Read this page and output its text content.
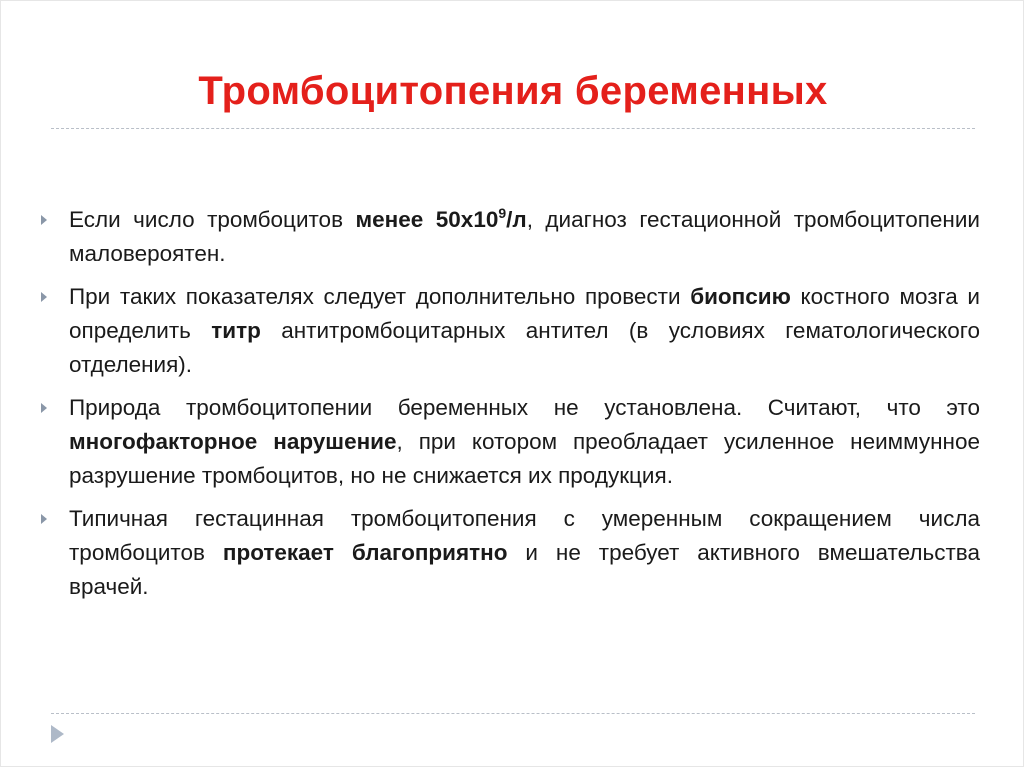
Тромбоцитопения беременных
Если число тромбоцитов менее $50х10^9/л$, диагноз гестационной тромбоцитопении маловероятен.
При таких показателях следует дополнительно провести биопсию костного мозга и определить титр антитромбоцитарных антител (в условиях гематологического отделения).
Природа тромбоцитопении беременных не установлена. Считают, что это многофакторное нарушение, при котором преобладает усиленное неиммунное разрушение тромбоцитов, но не снижается их продукция.
Типичная гестацинная тромбоцитопения с умеренным сокращением числа тромбоцитов протекает благоприятно и не требует активного вмешательства врачей.
